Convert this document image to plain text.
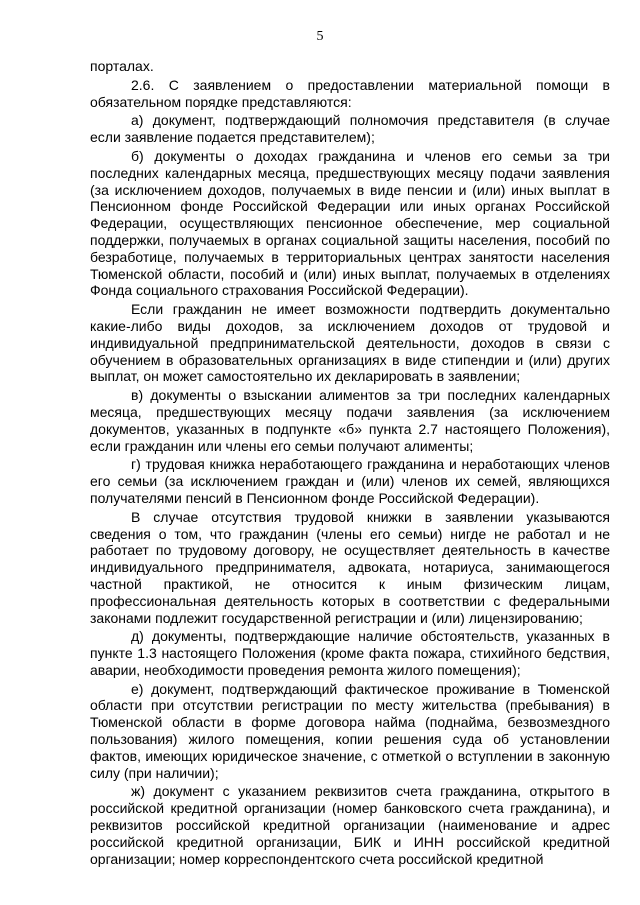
5

порталах.

2.6. С заявлением о предоставлении материальной помощи в обязательном порядке представляются:

а) документ, подтверждающий полномочия представителя (в случае если заявление подается представителем);

б) документы о доходах гражданина и членов его семьи за три последних календарных месяца, предшествующих месяцу подачи заявления (за исключением доходов, получаемых в виде пенсии и (или) иных выплат в Пенсионном фонде Российской Федерации или иных органах Российской Федерации, осуществляющих пенсионное обеспечение, мер социальной поддержки, получаемых в органах социальной защиты населения, пособий по безработице, получаемых в территориальных центрах занятости населения Тюменской области, пособий и (или) иных выплат, получаемых в отделениях Фонда социального страхования Российской Федерации).

Если гражданин не имеет возможности подтвердить документально какие-либо виды доходов, за исключением доходов от трудовой и индивидуальной предпринимательской деятельности, доходов в связи с обучением в образовательных организациях в виде стипендии и (или) других выплат, он может самостоятельно их декларировать в заявлении;

в) документы о взыскании алиментов за три последних календарных месяца, предшествующих месяцу подачи заявления (за исключением документов, указанных в подпункте «б» пункта 2.7 настоящего Положения), если гражданин или члены его семьи получают алименты;

г) трудовая книжка неработающего гражданина и неработающих членов его семьи (за исключением граждан и (или) членов их семей, являющихся получателями пенсий в Пенсионном фонде Российской Федерации).

В случае отсутствия трудовой книжки в заявлении указываются сведения о том, что гражданин (члены его семьи) нигде не работал и не работает по трудовому договору, не осуществляет деятельность в качестве индивидуального предпринимателя, адвоката, нотариуса, занимающегося частной практикой, не относится к иным физическим лицам, профессиональная деятельность которых в соответствии с федеральными законами подлежит государственной регистрации и (или) лицензированию;

д) документы, подтверждающие наличие обстоятельств, указанных в пункте 1.3 настоящего Положения (кроме факта пожара, стихийного бедствия, аварии, необходимости проведения ремонта жилого помещения);

е) документ, подтверждающий фактическое проживание в Тюменской области при отсутствии регистрации по месту жительства (пребывания) в Тюменской области в форме договора найма (поднайма, безвозмездного пользования) жилого помещения, копии решения суда об установлении фактов, имеющих юридическое значение, с отметкой о вступлении в законную силу (при наличии);

ж) документ с указанием реквизитов счета гражданина, открытого в российской кредитной организации (номер банковского счета гражданина), и реквизитов российской кредитной организации (наименование и адрес российской кредитной организации, БИК и ИНН российской кредитной организации; номер корреспондентского счета российской кредитной
